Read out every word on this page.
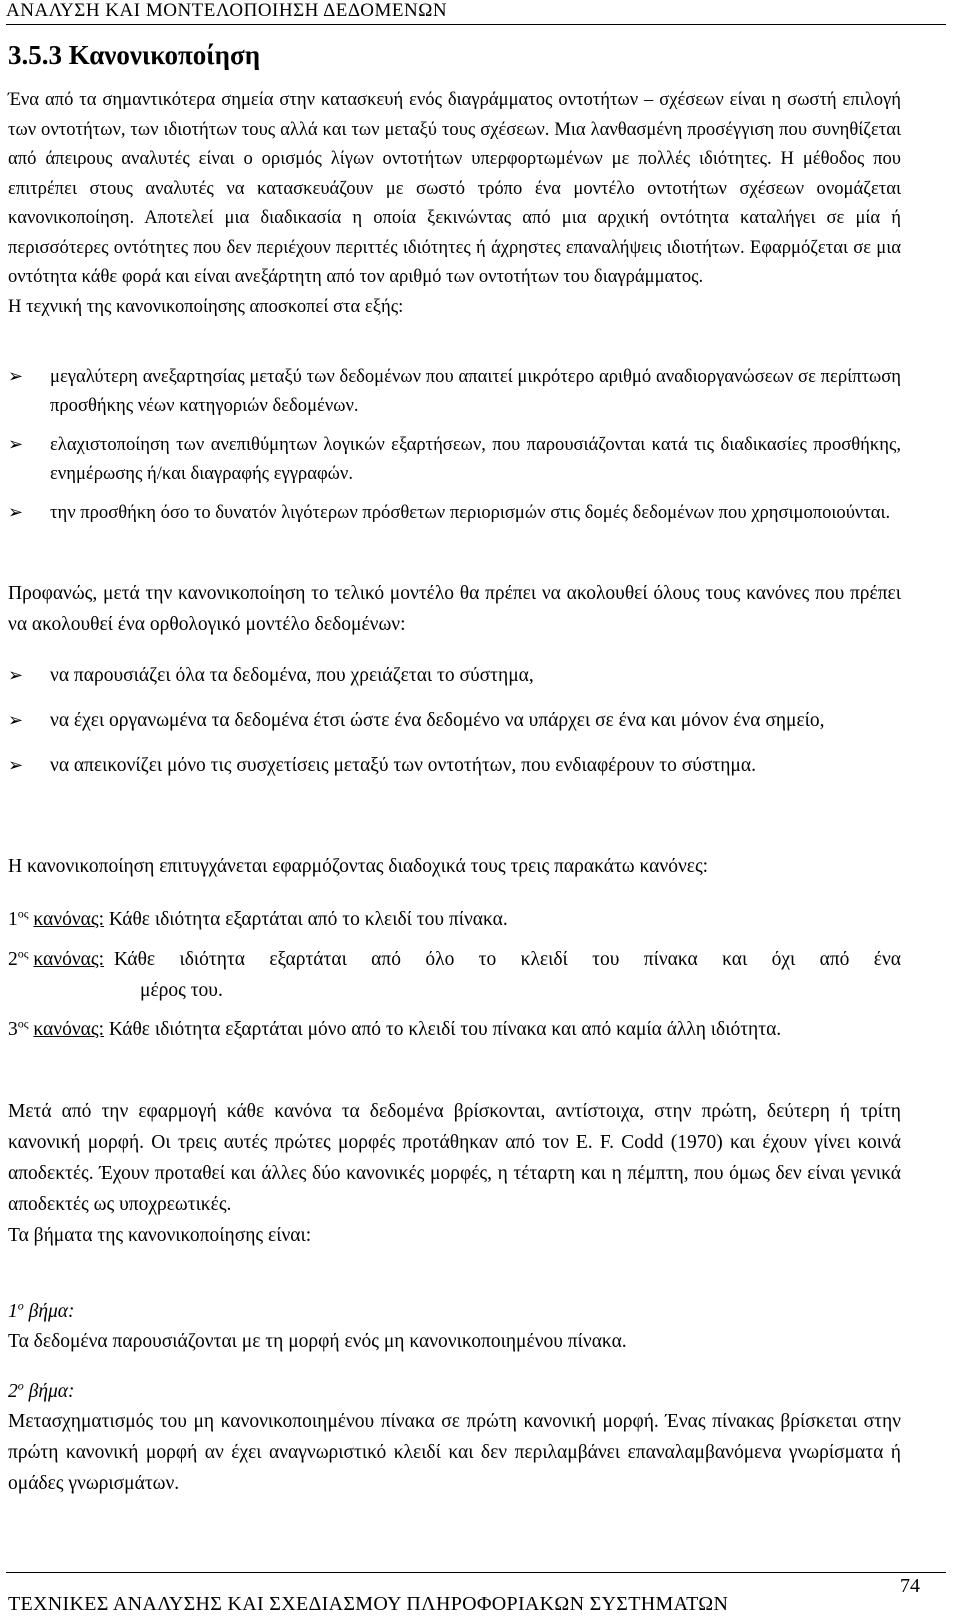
ΑΝΑΛΥΣΗ ΚΑΙ ΜΟΝΤΕΛΟΠΟΙΗΣΗ ΔΕΔΟΜΕΝΩΝ
3.5.3 Κανονικοποίηση

Ένα από τα σημαντικότερα σημεία στην κατασκευή ενός διαγράμματος οντοτήτων – σχέσεων είναι η σωστή επιλογή των οντοτήτων, των ιδιοτήτων τους αλλά και των μεταξύ τους σχέσεων. Μια λανθασμένη προσέγγιση που συνηθίζεται από άπειρους αναλυτές είναι ο ορισμός λίγων οντοτήτων υπερφορτωμένων με πολλές ιδιότητες. Η μέθοδος που επιτρέπει στους αναλυτές να κατασκευάζουν με σωστό τρόπο ένα μοντέλο οντοτήτων σχέσεων ονομάζεται κανονικοποίηση. Αποτελεί μια διαδικασία η οποία ξεκινώντας από μια αρχική οντότητα καταλήγει σε μία ή περισσότερες οντότητες που δεν περιέχουν περιττές ιδιότητες ή άχρηστες επαναλήψεις ιδιοτήτων. Εφαρμόζεται σε μια οντότητα κάθε φορά και είναι ανεξάρτητη από τον αριθμό των οντοτήτων του διαγράμματος.

Η τεχνική της κανονικοποίησης αποσκοπεί στα εξής:

➢	μεγαλύτερη ανεξαρτησίας μεταξύ των δεδομένων που απαιτεί μικρότερο αριθμό αναδιοργανώσεων σε περίπτωση προσθήκης νέων κατηγοριών δεδομένων.
➢	ελαχιστοποίηση των ανεπιθύμητων λογικών εξαρτήσεων, που παρουσιάζονται κατά τις διαδικασίες προσθήκης, ενημέρωσης ή/και διαγραφής εγγραφών.
➢	την προσθήκη όσο το δυνατόν λιγότερων πρόσθετων περιορισμών στις δομές δεδομένων που χρησιμοποιούνται.

Προφανώς, μετά την κανονικοποίηση το τελικό μοντέλο θα πρέπει να ακολουθεί όλους τους κανόνες που πρέπει να ακολουθεί ένα ορθολογικό μοντέλο δεδομένων:

➢	να παρουσιάζει όλα τα δεδομένα, που χρειάζεται το σύστημα,
➢	να έχει οργανωμένα τα δεδομένα έτσι ώστε ένα δεδομένο να υπάρχει σε ένα και μόνον ένα σημείο,
➢	να απεικονίζει μόνο τις συσχετίσεις μεταξύ των οντοτήτων, που ενδιαφέρουν το σύστημα.
Η κανονικοποίηση επιτυγχάνεται εφαρμόζοντας διαδοχικά τους τρεις παρακάτω κανόνες:
$1^{o\varsigma}$ κανόνας: Κάθε ιδιότητα εξαρτάται από το κλειδί του πίνακα.
$2^{o\varsigma}$ κανόνας: Κάθε ιδιότητα εξαρτάται από όλο το κλειδί του πίνακα και όχι από ένα
μέρος του.
$3^{o\varsigma}$ κανόνας: Κάθε ιδιότητα εξαρτάται μόνο από το κλειδί του πίνακα και από καμία άλλη ιδιότητα.

Μετά από την εφαρμογή κάθε κανόνα τα δεδομένα βρίσκονται, αντίστοιχα, στην πρώτη, δεύτερη ή τρίτη κανονική μορφή. Οι τρεις αυτές πρώτες μορφές προτάθηκαν από τον E. F. Codd (1970) και έχουν γίνει κοινά αποδεκτές. Έχουν προταθεί και άλλες δύο κανονικές μορφές, η τέταρτη και η πέμπτη, που όμως δεν είναι γενικά αποδεκτές ως υποχρεωτικές.

Τα βήματα της κανονικοποίησης είναι:

$1^o$ βήμα:
Τα δεδομένα παρουσιάζονται με τη μορφή ενός μη κανονικοποιημένου πίνακα.
$2^o$ βήμα:
Μετασχηματισμός του μη κανονικοποιημένου πίνακα σε πρώτη κανονική μορφή. Ένας πίνακας βρίσκεται στην πρώτη κανονική μορφή αν έχει αναγνωριστικό κλειδί και δεν περιλαμβάνει επαναλαμβανόμενα γνωρίσματα ή ομάδες γνωρισμάτων.
ΤΕΧΝΙΚΕΣ ΑΝΑΛΥΣΗΣ ΚΑΙ ΣΧΕΔΙΑΣΜΟΥ ΠΛΗΡΟΦΟΡΙΑΚΩΝ ΣΥΣΤΗΜΑΤΩΝ
74
